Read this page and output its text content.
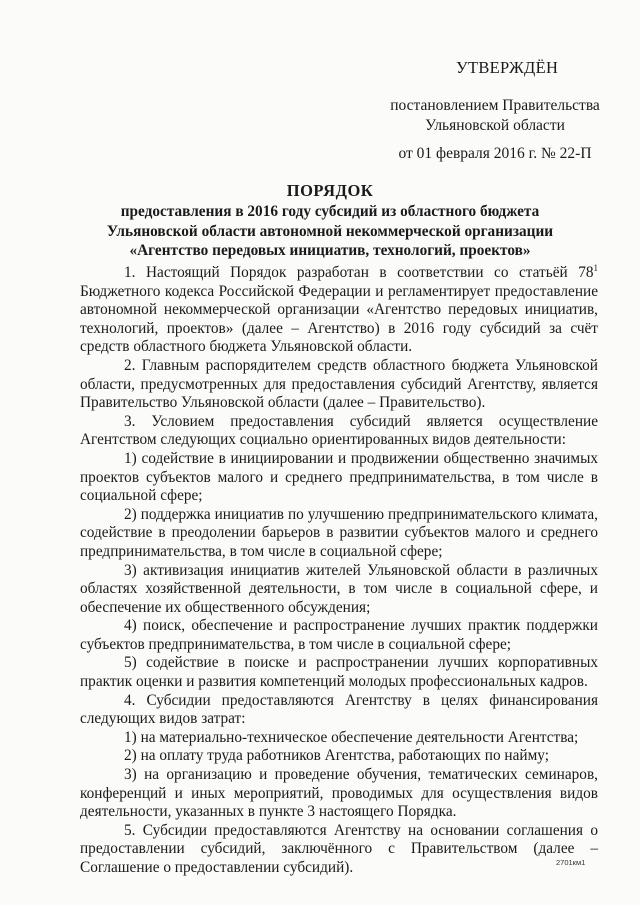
УТВЕРЖДЁН
постановлением Правительства
Ульяновской области
от 01 февраля 2016 г. № 22-П
ПОРЯДОК
предоставления в 2016 году субсидий из областного бюджета
Ульяновской области автономной некоммерческой организации
«Агентство передовых инициатив, технологий, проектов»

1. Настоящий Порядок разработан в соответствии со статьёй $78^1$ Бюджетного кодекса Российской Федерации и регламентирует предоставление автономной некоммерческой организации «Агентство передовых инициатив, технологий, проектов» (далее – Агентство) в 2016 году субсидий за счёт средств областного бюджета Ульяновской области.

2. Главным распорядителем средств областного бюджета Ульяновской области, предусмотренных для предоставления субсидий Агентству, является Правительство Ульяновской области (далее – Правительство).

3. Условием предоставления субсидий является осуществление Агентством следующих социально ориентированных видов деятельности:

1) содействие в инициировании и продвижении общественно значимых проектов субъектов малого и среднего предпринимательства, в том числе в социальной сфере;

2) поддержка инициатив по улучшению предпринимательского климата, содействие в преодолении барьеров в развитии субъектов малого и среднего предпринимательства, в том числе в социальной сфере;

3) активизация инициатив жителей Ульяновской области в различных областях хозяйственной деятельности, в том числе в социальной сфере, и обеспечение их общественного обсуждения;

4) поиск, обеспечение и распространение лучших практик поддержки субъектов предпринимательства, в том числе в социальной сфере;

5) содействие в поиске и распространении лучших корпоративных практик оценки и развития компетенций молодых профессиональных кадров.

4. Субсидии предоставляются Агентству в целях финансирования следующих видов затрат:

1) на материально-техническое обеспечение деятельности Агентства;

2) на оплату труда работников Агентства, работающих по найму;

3) на организацию и проведение обучения, тематических семинаров, конференций и иных мероприятий, проводимых для осуществления видов деятельности, указанных в пункте 3 настоящего Порядка.

5. Субсидии предоставляются Агентству на основании соглашения о предоставлении субсидий, заключённого с Правительством (далее – Соглашение о предоставлении субсидий).	2701км1
